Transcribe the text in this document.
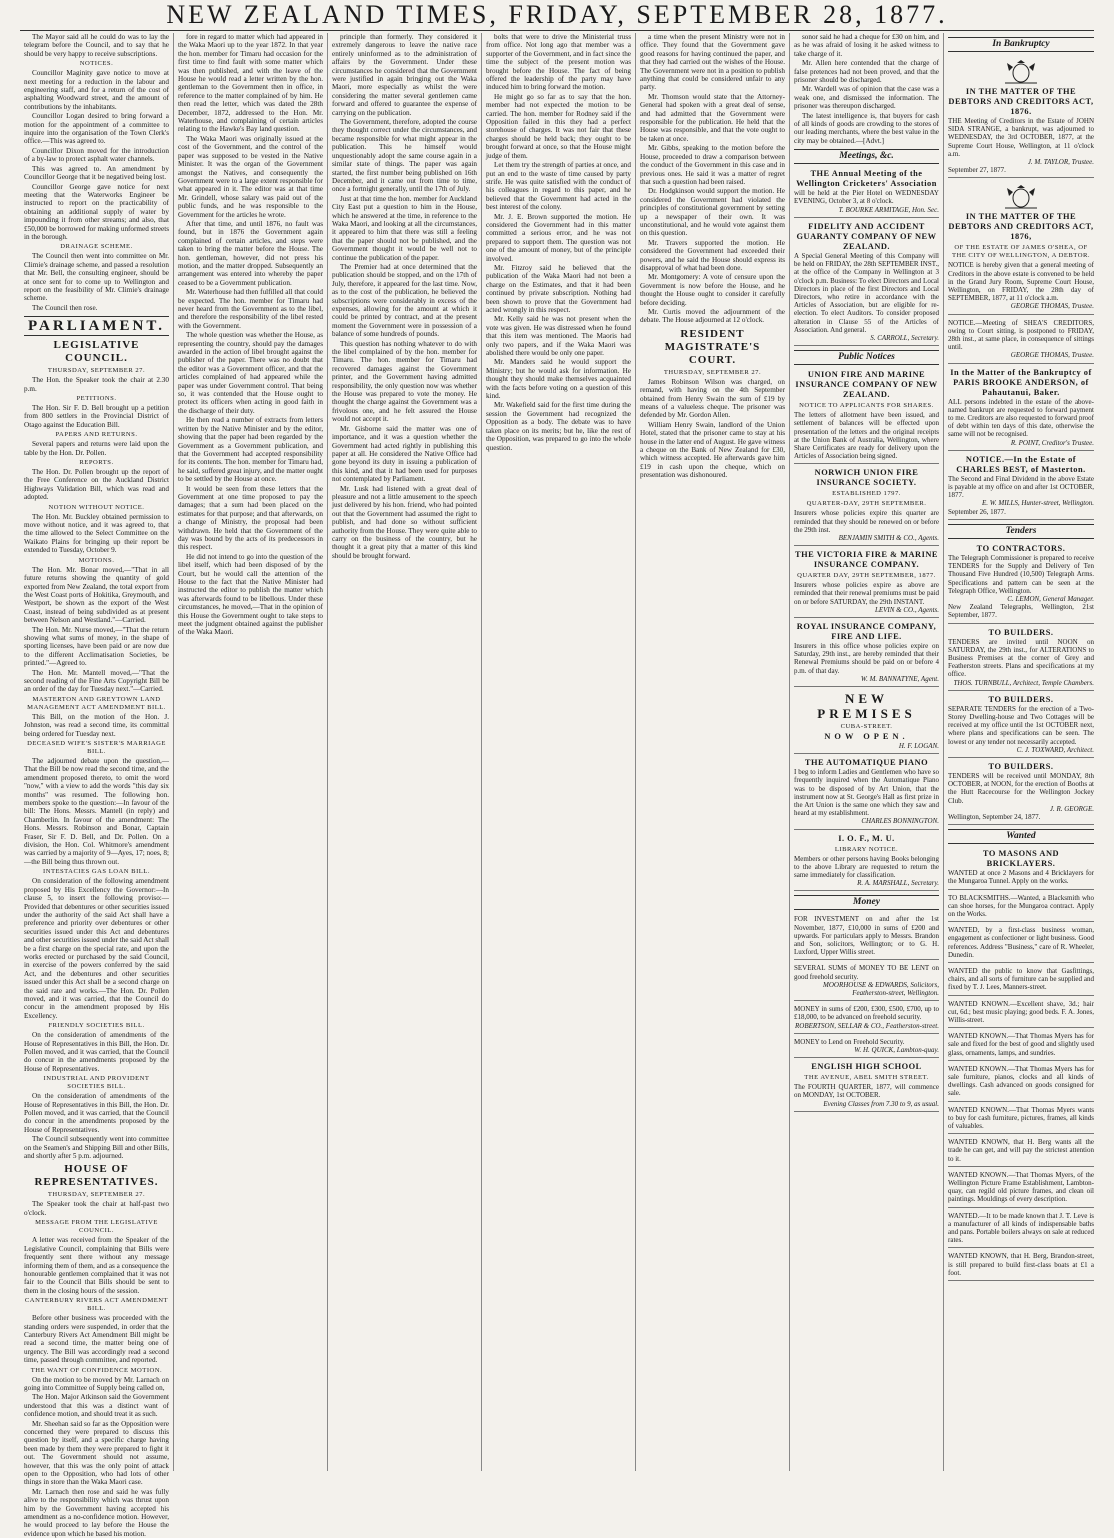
NEW ZEALAND TIMES, FRIDAY, SEPTEMBER 28, 1877.

The Mayor said all he could do was to lay the telegram before the Council, and to say that he should be very happy to receive subscriptions.

NOTICES.

Councillor Maginity gave notice to move at next meeting for a reduction in the labour and engineering staff, and for a return of the cost of asphalting Woodward street, and the amount of contributions by the inhabitants.

Councillor Logan desired to bring forward a motion for the appointment of a committee to inquire into the organisation of the Town Clerk's office.—This was agreed to.

Councillor Dixon moved for the introduction of a by-law to protect asphalt water channels.

This was agreed to. An amendment by Councillor George that it be negatived being lost.

Councillor George gave notice for next meeting that the Waterworks Engineer be instructed to report on the practicability of obtaining an additional supply of water by impounding it from other streams; and also, that £50,000 be borrowed for making unformed streets in the borough.

DRAINAGE SCHEME.

The Council then went into committee on Mr. Climie's drainage scheme, and passed a resolution that Mr. Bell, the consulting engineer, should be at once sent for to come up to Wellington and report on the feasibility of Mr. Climie's drainage scheme.

The Council then rose.

PARLIAMENT.
LEGISLATIVE COUNCIL.
THURSDAY, SEPTEMBER 27.

The Hon. the Speaker took the chair at 2.30 p.m.

PETITIONS.

The Hon. Sir F. D. Bell brought up a petition from 800 settlers in the Provincial District of Otago against the Education Bill.

PAPERS AND RETURNS.

Several papers and returns were laid upon the table by the Hon. Dr. Pollen.

REPORTS.

The Hon. Dr. Pollen brought up the report of the Free Conference on the Auckland District Highways Validation Bill, which was read and adopted.

NOTION WITHOUT NOTICE.

The Hon. Mr. Buckley obtained permission to move without notice, and it was agreed to, that the time allowed to the Select Committee on the Waikato Plains for bringing up their report be extended to Tuesday, October 9.

MOTIONS.

The Hon. Mr. Bonar moved,—"That in all future returns showing the quantity of gold exported from New Zealand, the total export from the West Coast ports of Hokitika, Greymouth, and Westport, be shown as the export of the West Coast, instead of being subdivided as at present between Nelson and Westland."—Carried.

The Hon. Mr. Nurse moved,—"That the return showing what sums of money, in the shape of sporting licenses, have been paid or are now due to the different Acclimatisation Societies, be printed."—Agreed to.

The Hon. Mr. Mantell moved,—"That the second reading of the Fine Arts Copyright Bill be an order of the day for Tuesday next."—Carried.

MASTERTON AND GREYTOWN LAND MANAGEMENT ACT AMENDMENT BILL.

This Bill, on the motion of the Hon. J. Johnston, was read a second time, its committal being ordered for Tuesday next.

DECEASED WIFE'S SISTER'S MARRIAGE BILL.

The adjourned debate upon the question,—That the Bill be now read the second time, and the amendment proposed thereto, to omit the word "now," with a view to add the words "this day six months" was resumed. The following hon. members spoke to the question:—In favour of the bill: The Hons. Messrs. Mantell (in reply) and Chamberlin. In favour of the amendment: The Hons. Messrs. Robinson and Bonar, Captain Fraser, Sir F. D. Bell, and Dr. Pollen. On a division, the Hon. Col. Whitmore's amendment was carried by a majority of 9—Ayes, 17; noes, 8;—the Bill being thus thrown out.

INTESTACIES GAS LOAN BILL.

On consideration of the following amendment proposed by His Excellency the Governor:—In clause 5, to insert the following proviso:—Provided that debentures or other securities issued under the authority of the said Act shall have a preference and priority over debentures or other securities issued under this Act and debentures and other securities issued under the said Act shall be a first charge on the special rate, and upon the works erected or purchased by the said Council, in exercise of the powers conferred by the said Act, and the debentures and other securities issued under this Act shall be a second charge on the said rate and works.—The Hon. Dr. Pollen moved, and it was carried, that the Council do concur in the amendment proposed by His Excellency.

FRIENDLY SOCIETIES BILL.

On the consideration of amendments of the House of Representatives in this Bill, the Hon. Dr. Pollen moved, and it was carried, that the Council do concur in the amendments proposed by the House of Representatives.

INDUSTRIAL AND PROVIDENT SOCIETIES BILL.

On the consideration of amendments of the House of Representatives in this Bill, the Hon. Dr. Pollen moved, and it was carried, that the Council do concur in the amendments proposed by the House of Representatives.

The Council subsequently went into committee on the Seamen's and Shipping Bill and other Bills, and shortly after 5 p.m. adjourned.

HOUSE OF REPRESENTATIVES.
THURSDAY, SEPTEMBER 27.

The Speaker took the chair at half-past two o'clock.

MESSAGE FROM THE LEGISLATIVE COUNCIL.

A letter was received from the Speaker of the Legislative Council, complaining that Bills were frequently sent there without any message informing them of them, and as a consequence the honourable gentlemen complained that it was not fair to the Council that Bills should be sent to them in the closing hours of the session.

CANTERBURY RIVERS ACT AMENDMENT BILL.

Before other business was proceeded with the standing orders were suspended, in order that the Canterbury Rivers Act Amendment Bill might be read a second time, the matter being one of urgency. The Bill was accordingly read a second time, passed through committee, and reported.

THE WANT OF CONFIDENCE MOTION.

On the motion to be moved by Mr. Larnach on going into Committee of Supply being called on,

The Hon. Major Atkinson said the Government understood that this was a distinct want of confidence motion, and should treat it as such.

Mr. Sheehan said so far as the Opposition were concerned they were prepared to discuss this question by itself, and a specific charge having been made by them they were prepared to fight it out. The Government should not assume, however, that this was the only point of attack open to the Opposition, who had lots of other things in store than the Waka Maori case.

Mr. Larnach then rose and said he was fully alive to the responsibility which was thrust upon him by the Government having accepted his amendment as a no-confidence motion. However, he would proceed to lay before the House the evidence upon which he based his motion.

fore in regard to matter which had appeared in the Waka Maori up to the year 1872. In that year the hon. member for Timaru had occasion for the first time to find fault with some matter which was then published, and with the leave of the House he would read a letter written by the hon. gentleman to the Government then in office, in reference to the matter complained of by him. He then read the letter, which was dated the 28th December, 1872, addressed to the Hon. Mr. Waterhouse, and complaining of certain articles relating to the Hawke's Bay land question.

The Waka Maori was originally issued at the cost of the Government, and the control of the paper was supposed to be vested in the Native Minister. It was the organ of the Government amongst the Natives, and consequently the Government were to a large extent responsible for what appeared in it. The editor was at that time Mr. Grindell, whose salary was paid out of the public funds, and he was responsible to the Government for the articles he wrote.

After that time, and until 1876, no fault was found, but in 1876 the Government again complained of certain articles, and steps were taken to bring the matter before the House. The hon. gentleman, however, did not press his motion, and the matter dropped. Subsequently an arrangement was entered into whereby the paper ceased to be a Government publication.

Mr. Waterhouse had then fulfilled all that could be expected. The hon. member for Timaru had never heard from the Government as to the libel, and therefore the responsibility of the libel rested with the Government.

The whole question was whether the House, as representing the country, should pay the damages awarded in the action of libel brought against the publisher of the paper. There was no doubt that the editor was a Government officer, and that the articles complained of had appeared while the paper was under Government control. That being so, it was contended that the House ought to protect its officers when acting in good faith in the discharge of their duty.

He then read a number of extracts from letters written by the Native Minister and by the editor, showing that the paper had been regarded by the Government as a Government publication, and that the Government had accepted responsibility for its contents. The hon. member for Timaru had, he said, suffered great injury, and the matter ought to be settled by the House at once.

It would be seen from these letters that the Government at one time proposed to pay the damages; that a sum had been placed on the estimates for that purpose; and that afterwards, on a change of Ministry, the proposal had been withdrawn. He held that the Government of the day was bound by the acts of its predecessors in this respect.

He did not intend to go into the question of the libel itself, which had been disposed of by the Court, but he would call the attention of the House to the fact that the Native Minister had instructed the editor to publish the matter which was afterwards found to be libellous. Under these circumstances, he moved,—That in the opinion of this House the Government ought to take steps to meet the judgment obtained against the publisher of the Waka Maori.

principle than formerly. They considered it extremely dangerous to leave the native race entirely uninformed as to the administration of affairs by the Government. Under these circumstances he considered that the Government were justified in again bringing out the Waka Maori, more especially as whilst the were considering the matter several gentlemen came forward and offered to guarantee the expense of carrying on the publication.

The Government, therefore, adopted the course they thought correct under the circumstances, and became responsible for what might appear in the publication. This he himself would unquestionably adopt the same course again in a similar state of things. The paper was again started, the first number being published on 16th December, and it came out from time to time, once a fortnight generally, until the 17th of July.

Just at that time the hon. member for Auckland City East put a question to him in the House, which he answered at the time, in reference to the Waka Maori, and looking at all the circumstances, it appeared to him that there was still a feeling that the paper should not be published, and the Government thought it would be well not to continue the publication of the paper.

The Premier had at once determined that the publication should be stopped, and on the 17th of July, therefore, it appeared for the last time. Now, as to the cost of the publication, he believed the subscriptions were considerably in excess of the expenses, allowing for the amount at which it could be printed by contract, and at the present moment the Government were in possession of a balance of some hundreds of pounds.

This question has nothing whatever to do with the libel complained of by the hon. member for Timaru. The hon. member for Timaru had recovered damages against the Government printer, and the Government having admitted responsibility, the only question now was whether the House was prepared to vote the money. He thought the charge against the Government was a frivolous one, and he felt assured the House would not accept it.

Mr. Gisborne said the matter was one of importance, and it was a question whether the Government had acted rightly in publishing this paper at all. He considered the Native Office had gone beyond its duty in issuing a publication of this kind, and that it had been used for purposes not contemplated by Parliament.

Mr. Lusk had listened with a great deal of pleasure and not a little amusement to the speech just delivered by his hon. friend, who had pointed out that the Government had assumed the right to publish, and had done so without sufficient authority from the House. They were quite able to carry on the business of the country, but he thought it a great pity that a matter of this kind should be brought forward.

bolts that were to drive the Ministerial truss from office. Not long ago that member was a supporter of the Government, and in fact since the time the subject of the present motion was brought before the House. The fact of being offered the leadership of the party may have induced him to bring forward the motion.

He might go so far as to say that the hon. member had not expected the motion to be carried. The hon. member for Rodney said if the Opposition failed in this they had a perfect storehouse of charges. It was not fair that these charges should be held back; they ought to be brought forward at once, so that the House might judge of them.

Let them try the strength of parties at once, and put an end to the waste of time caused by party strife. He was quite satisfied with the conduct of his colleagues in regard to this paper, and he believed that the Government had acted in the best interest of the colony.

Mr. J. E. Brown supported the motion. He considered the Government had in this matter committed a serious error, and he was not prepared to support them. The question was not one of the amount of money, but of the principle involved.

Mr. Fitzroy said he believed that the publication of the Waka Maori had not been a charge on the Estimates, and that it had been continued by private subscription. Nothing had been shown to prove that the Government had acted wrongly in this respect.

Mr. Kelly said he was not present when the vote was given. He was distressed when he found that this item was mentioned. The Maoris had only two papers, and if the Waka Maori was abolished there would be only one paper.

Mr. Manders said he would support the Ministry; but he would ask for information. He thought they should make themselves acquainted with the facts before voting on a question of this kind.

Mr. Wakefield said for the first time during the session the Government had recognized the Opposition as a body. The debate was to have taken place on its merits; but he, like the rest of the Opposition, was prepared to go into the whole question.

a time when the present Ministry were not in office. They found that the Government gave good reasons for having continued the paper, and that they had carried out the wishes of the House. The Government were not in a position to publish anything that could be considered unfair to any party.

Mr. Thomson would state that the Attorney-General had spoken with a great deal of sense, and had admitted that the Government were responsible for the publication. He held that the House was responsible, and that the vote ought to be taken at once.

Mr. Gibbs, speaking to the motion before the House, proceeded to draw a comparison between the conduct of the Government in this case and in previous ones. He said it was a matter of regret that such a question had been raised.

Dr. Hodgkinson would support the motion. He considered the Government had violated the principles of constitutional government by setting up a newspaper of their own. It was unconstitutional, and he would vote against them on this question.

Mr. Travers supported the motion. He considered the Government had exceeded their powers, and he said the House should express its disapproval of what had been done.

Mr. Montgomery: A vote of censure upon the Government is now before the House, and he thought the House ought to consider it carefully before deciding.

Mr. Curtis moved the adjournment of the debate. The House adjourned at 12 o'clock.

RESIDENT MAGISTRATE'S COURT.
THURSDAY, SEPTEMBER 27.

James Robinson Wilson was charged, on remand, with having on the 4th September obtained from Henry Swain the sum of £19 by means of a valueless cheque. The prisoner was defended by Mr. Gordon Allen.

William Henry Swain, landlord of the Union Hotel, stated that the prisoner came to stay at his house in the latter end of August. He gave witness a cheque on the Bank of New Zealand for £30, which witness accepted. He afterwards gave him £19 in cash upon the cheque, which on presentation was dishonoured.

sonor said he had a cheque for £30 on him, and as he was afraid of losing it he asked witness to take charge of it.

Mr. Allen here contended that the charge of false pretences had not been proved, and that the prisoner should be discharged.

Mr. Wardell was of opinion that the case was a weak one, and dismissed the information. The prisoner was thereupon discharged.

The latest intelligence is, that buyers for cash of all kinds of goods are crowding to the stores of our leading merchants, where the best value in the city may be obtained.—[Advt.]

Meetings, &c.
THE Annual Meeting of the Wellington Cricketers' Association
will be held at the Pier Hotel on WEDNESDAY EVENING, October 3, at 8 o'clock.
T. BOURKE ARMITAGE, Hon. Sec.
FIDELITY AND ACCIDENT GUARANTY COMPANY OF NEW ZEALAND.
A Special General Meeting of this Company will be held on FRIDAY, the 28th SEPTEMBER INST., at the office of the Company in Wellington at 3 o'clock p.m. Business: To elect Directors and Local Directors in place of the first Directors and Local Directors, who retire in accordance with the Articles of Association, but are eligible for re-election. To elect Auditors. To consider proposed alteration in Clause 55 of the Articles of Association. And general.
S. CARROLL, Secretary.
Public Notices
UNION FIRE AND MARINE INSURANCE COMPANY OF NEW ZEALAND.
NOTICE TO APPLICANTS FOR SHARES.
The letters of allotment have been issued, and settlement of balances will be effected upon presentation of the letters and the original receipts at the Union Bank of Australia, Wellington, where Share Certificates are ready for delivery upon the Articles of Association being signed.
NORWICH UNION FIRE INSURANCE SOCIETY.
ESTABLISHED 1797.
QUARTER-DAY, 29TH SEPTEMBER.
Insurers whose policies expire this quarter are reminded that they should be renewed on or before the 29th inst.
BENJAMIN SMITH & CO., Agents.
THE VICTORIA FIRE & MARINE INSURANCE COMPANY.
QUARTER DAY, 29TH SEPTEMBER, 1877.
Insurers whose policies expire as above are reminded that their renewal premiums must be paid on or before SATURDAY, the 29th INSTANT.
LEVIN & CO., Agents.
ROYAL INSURANCE COMPANY, FIRE AND LIFE.
Insurers in this office whose policies expire on Saturday, 29th inst., are hereby reminded that their Renewal Premiums should be paid on or before 4 p.m. of that day.
W. M. BANNATYNE, Agent.
NEW PREMISES
CUBA-STREET.
NOW OPEN.
H. F. LOGAN.
THE AUTOMATIQUE PIANO
I beg to inform Ladies and Gentlemen who have so frequently inquired when the Automatique Piano was to be disposed of by Art Union, that the instrument now at St. George's Hall as first prize in the Art Union is the same one which they saw and heard at my establishment.
CHARLES BONNINGTON.
I. O. F., M. U.
LIBRARY NOTICE.
Members or other persons having Books belonging to the above Library are requested to return the same immediately for classification.
R. A. MARSHALL, Secretary.
Money
FOR INVESTMENT on and after the 1st November, 1877, £10,000 in sums of £200 and upwards. For particulars apply to Messrs. Brandon and Son, solicitors, Wellington; or to G. H. Luxford, Upper Willis street.
SEVERAL SUMS of MONEY TO BE LENT on good freehold security.
MOORHOUSE & EDWARDS, Solicitors, Featherston-street, Wellington.
MONEY in sums of £200, £300, £500, £700, up to £18,000, to be advanced on freehold security.
ROBERTSON, SELLAR & CO., Featherston-street.
MONEY to Lend on Freehold Security.
W. H. QUICK, Lambton-quay.
ENGLISH HIGH SCHOOL
THE AVENUE, ABEL SMITH STREET.
The FOURTH QUARTER, 1877, will commence on MONDAY, 1st OCTOBER.
Evening Classes from 7.30 to 9, as usual.
In Bankruptcy
IN THE MATTER OF THE DEBTORS AND CREDITORS ACT, 1876.
THE Meeting of Creditors in the Estate of JOHN SIDA STRANGE, a bankrupt, was adjourned to WEDNESDAY, the 3rd OCTOBER, 1877, at the Supreme Court House, Wellington, at 11 o'clock a.m.
J. M. TAYLOR, Trustee.
September 27, 1877.
IN THE MATTER OF THE DEBTORS AND CREDITORS ACT, 1876,
OF THE ESTATE OF JAMES O'SHEA, OF THE CITY OF WELLINGTON, A DEBTOR.
NOTICE is hereby given that a general meeting of Creditors in the above estate is convened to be held in the Grand Jury Room, Supreme Court House, Wellington, on FRIDAY, the 28th day of SEPTEMBER, 1877, at 11 o'clock a.m.
GEORGE THOMAS, Trustee.
NOTICE.—Meeting of SHEA'S CREDITORS, owing to Court sitting, is postponed to FRIDAY, 28th inst., at same place, in consequence of sittings until.
GEORGE THOMAS, Trustee.
In the Matter of the Bankruptcy of PARIS BROOKE ANDERSON, of Pahautanui, Baker.
ALL persons indebted in the estate of the above-named bankrupt are requested to forward payment to me. Creditors are also requested to forward proof of debt within ten days of this date, otherwise the same will not be recognised.
R. POINT, Creditor's Trustee.
NOTICE.—In the Estate of CHARLES BEST, of Masterton.
The Second and Final Dividend in the above Estate is payable at my office on and after 1st OCTOBER, 1877.
E. W. MILLS, Hunter-street, Wellington.
September 26, 1877.
Tenders
TO CONTRACTORS.
The Telegraph Commissioner is prepared to receive TENDERS for the Supply and Delivery of Ten Thousand Five Hundred (10,500) Telegraph Arms. Specifications and pattern can be seen at the Telegraph Office, Wellington.
C. LEMON, General Manager.
New Zealand Telegraphs, Wellington, 21st September, 1877.
TO BUILDERS.
TENDERS are invited until NOON on SATURDAY, the 29th inst., for ALTERATIONS to Business Premises at the corner of Grey and Featherston streets. Plans and specifications at my office.
THOS. TURNBULL, Architect, Temple Chambers.
TO BUILDERS.
SEPARATE TENDERS for the erection of a Two-Storey Dwelling-house and Two Cottages will be received at my office until the 1st OCTOBER next, where plans and specifications can be seen. The lowest or any tender not necessarily accepted.
C. J. TOXWARD, Architect.
TO BUILDERS.
TENDERS will be received until MONDAY, 8th OCTOBER, at NOON, for the erection of Booths at the Hutt Racecourse for the Wellington Jockey Club.
J. R. GEORGE.
Wellington, September 24, 1877.
Wanted
TO MASONS AND BRICKLAYERS.
WANTED at once 2 Masons and 4 Bricklayers for the Mungaroa Tunnel. Apply on the works.
TO BLACKSMITHS.—Wanted, a Blacksmith who can shoe horses, for the Mungaroa contract. Apply on the Works.
WANTED, by a first-class business woman, engagement as confectioner or light business. Good references. Address "Business," care of R. Wheeler, Dunedin.
WANTED the public to know that Gasfittings, chairs, and all sorts of furniture can be supplied and fixed by T. J. Lees, Manners-street.
WANTED KNOWN.—Excellent shave, 3d.; hair cut, 6d.; best music playing; good beds. F. A. Jones, Willis-street.
WANTED KNOWN.—That Thomas Myers has for sale and fixed for the best of good and slightly used glass, ornaments, lamps, and sundries.
WANTED KNOWN.—That Thomas Myers has for sale furniture, pianos, clocks and all kinds of dwellings. Cash advanced on goods consigned for sale.
WANTED KNOWN.—That Thomas Myers wants to buy for cash furniture, pictures, frames, all kinds of valuables.
WANTED KNOWN, that H. Berg wants all the trade he can get, and will pay the strictest attention to it.
WANTED KNOWN.—That Thomas Myers, of the Wellington Picture Frame Establishment, Lambton-quay, can regild old picture frames, and clean oil paintings. Mouldings of every description.
WANTED.—It to be made known that J. T. Leve is a manufacturer of all kinds of indispensable baths and pans. Portable boilers always on sale at reduced rates.
WANTED KNOWN, that H. Berg, Brandon-street, is still prepared to build first-class boats at £1 a foot.
